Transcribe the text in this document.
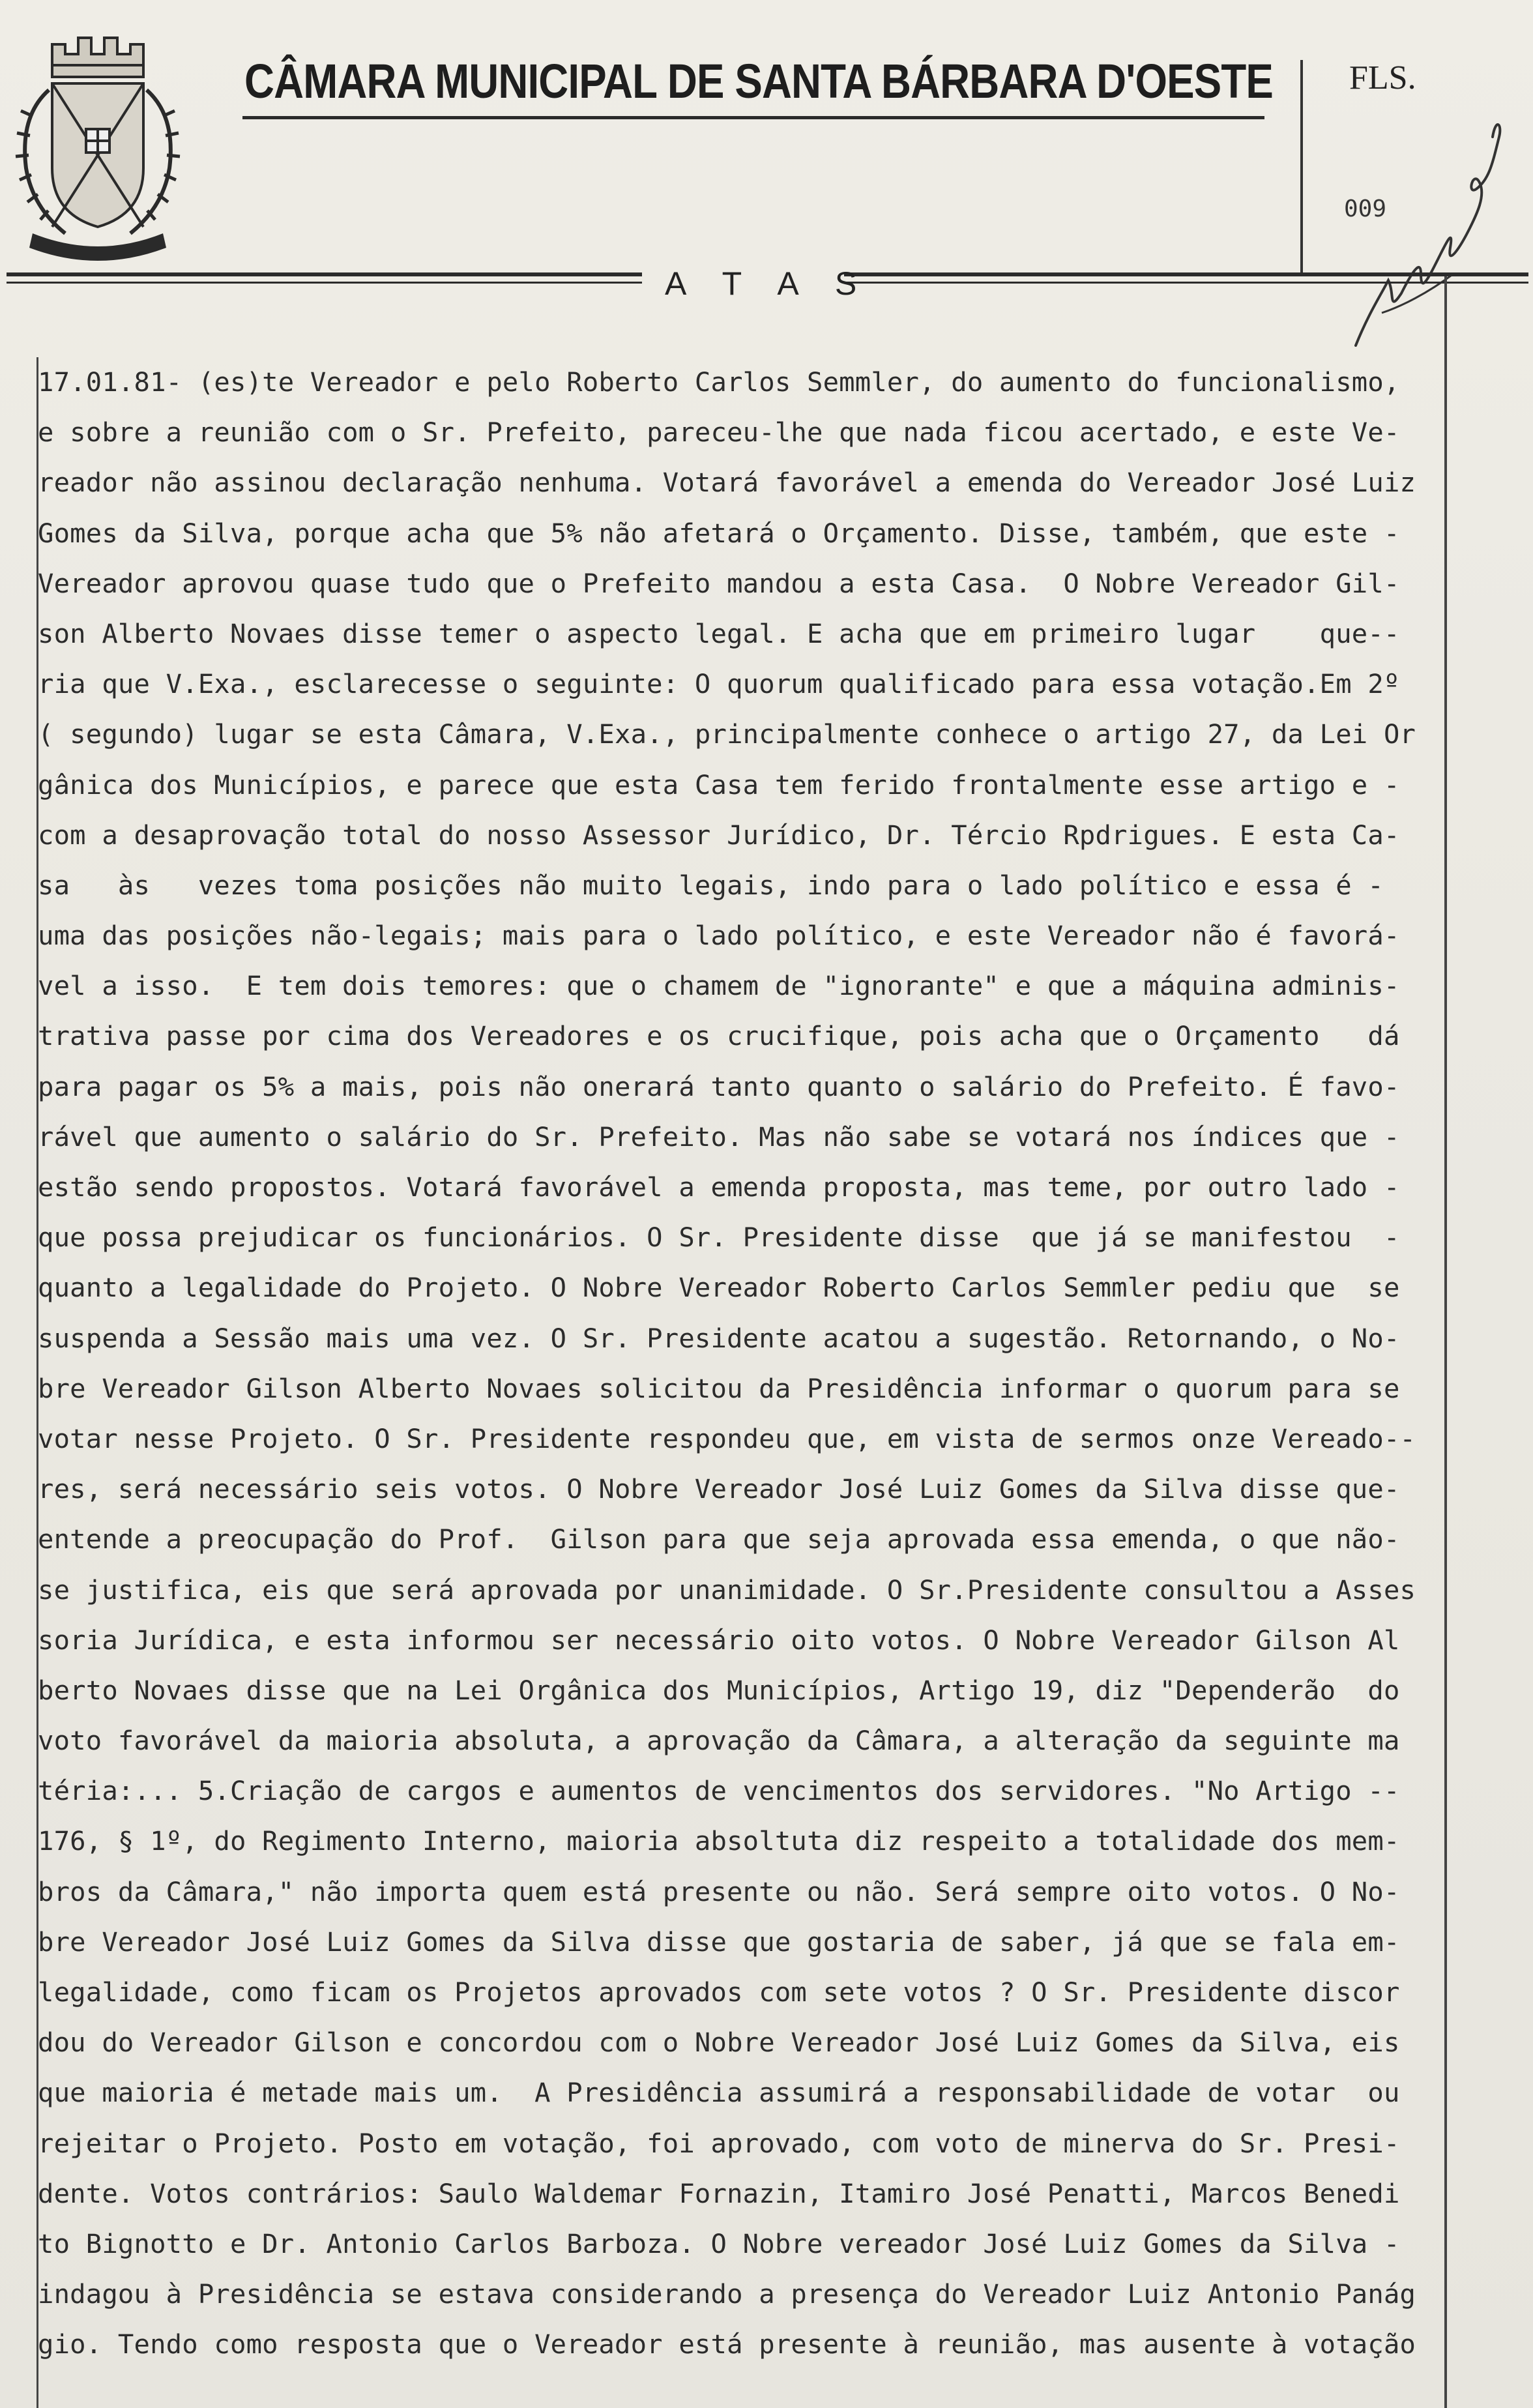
CÂMARA MUNICIPAL DE SANTA BÁRBARA D'OESTE FLS.
009
A T A S
17.01.81- (es)te Vereador e pelo Roberto Carlos Semmler, do aumento do funcionalismo,
e sobre a reunião com o Sr. Prefeito, pareceu-lhe que nada ficou acertado, e este Ve-
reador não assinou declaração nenhuma. Votará favorável a emenda do Vereador José Luiz
Gomes da Silva, porque acha que 5% não afetará o Orçamento. Disse, também, que este -
Vereador aprovou quase tudo que o Prefeito mandou a esta Casa.  O Nobre Vereador Gil-
son Alberto Novaes disse temer o aspecto legal. E acha que em primeiro lugar    que--
ria que V.Exa., esclarecesse o seguinte: O quorum qualificado para essa votação.Em 2º
( segundo) lugar se esta Câmara, V.Exa., principalmente conhece o artigo 27, da Lei Or
gânica dos Municípios, e parece que esta Casa tem ferido frontalmente esse artigo e -
com a desaprovação total do nosso Assessor Jurídico, Dr. Tércio Rpdrigues. E esta Ca-
sa   às   vezes toma posições não muito legais, indo para o lado político e essa é -
uma das posições não-legais; mais para o lado político, e este Vereador não é favorá-
vel a isso.  E tem dois temores: que o chamem de "ignorante" e que a máquina adminis-
trativa passe por cima dos Vereadores e os crucifique, pois acha que o Orçamento   dá
para pagar os 5% a mais, pois não onerará tanto quanto o salário do Prefeito. É favo-
rável que aumento o salário do Sr. Prefeito. Mas não sabe se votará nos índices que -
estão sendo propostos. Votará favorável a emenda proposta, mas teme, por outro lado -
que possa prejudicar os funcionários. O Sr. Presidente disse  que já se manifestou  -
quanto a legalidade do Projeto. O Nobre Vereador Roberto Carlos Semmler pediu que  se
suspenda a Sessão mais uma vez. O Sr. Presidente acatou a sugestão. Retornando, o No-
bre Vereador Gilson Alberto Novaes solicitou da Presidência informar o quorum para se
votar nesse Projeto. O Sr. Presidente respondeu que, em vista de sermos onze Vereado--
res, será necessário seis votos. O Nobre Vereador José Luiz Gomes da Silva disse que-
entende a preocupação do Prof.  Gilson para que seja aprovada essa emenda, o que não-
se justifica, eis que será aprovada por unanimidade. O Sr.Presidente consultou a Asses
soria Jurídica, e esta informou ser necessário oito votos. O Nobre Vereador Gilson Al
berto Novaes disse que na Lei Orgânica dos Municípios, Artigo 19, diz "Dependerão  do
voto favorável da maioria absoluta, a aprovação da Câmara, a alteração da seguinte ma
téria:... 5.Criação de cargos e aumentos de vencimentos dos servidores. "No Artigo --
176, § 1º, do Regimento Interno, maioria absoltuta diz respeito a totalidade dos mem-
bros da Câmara," não importa quem está presente ou não. Será sempre oito votos. O No-
bre Vereador José Luiz Gomes da Silva disse que gostaria de saber, já que se fala em-
legalidade, como ficam os Projetos aprovados com sete votos ? O Sr. Presidente discor
dou do Vereador Gilson e concordou com o Nobre Vereador José Luiz Gomes da Silva, eis
que maioria é metade mais um.  A Presidência assumirá a responsabilidade de votar  ou
rejeitar o Projeto. Posto em votação, foi aprovado, com voto de minerva do Sr. Presi-
dente. Votos contrários: Saulo Waldemar Fornazin, Itamiro José Penatti, Marcos Benedi
to Bignotto e Dr. Antonio Carlos Barboza. O Nobre vereador José Luiz Gomes da Silva -
indagou à Presidência se estava considerando a presença do Vereador Luiz Antonio Panág
gio. Tendo como resposta que o Vereador está presente à reunião, mas ausente à votação
